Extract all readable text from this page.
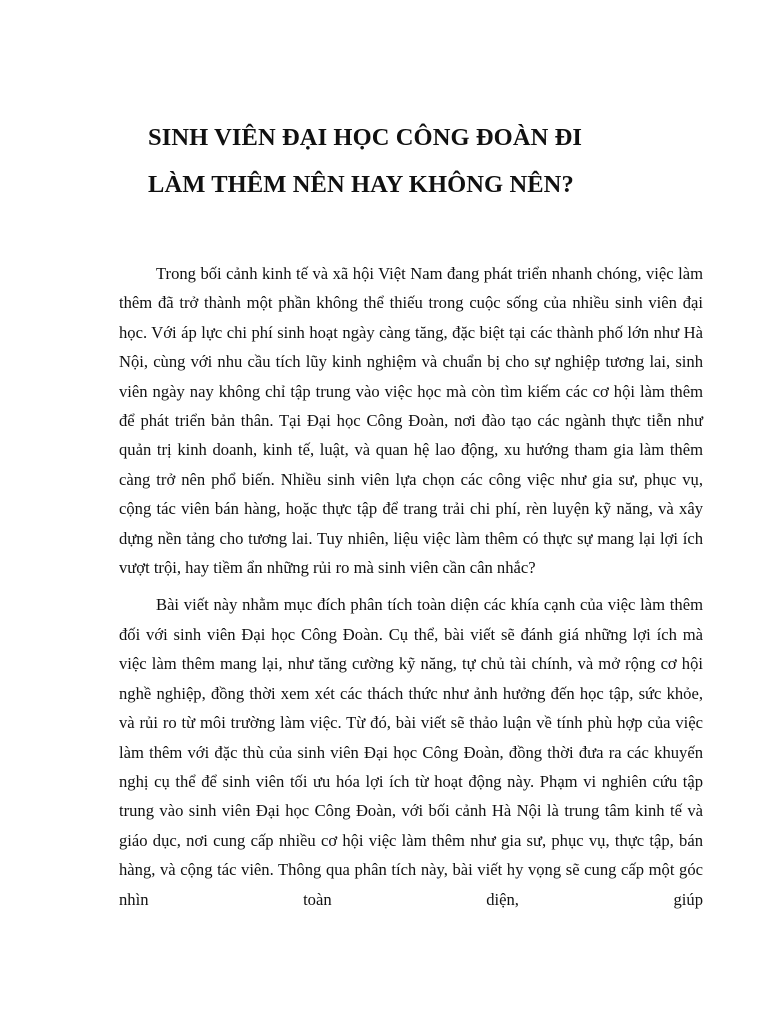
SINH VIÊN ĐẠI HỌC CÔNG ĐOÀN ĐI
LÀM THÊM NÊN HAY KHÔNG NÊN?

Trong bối cảnh kinh tế và xã hội Việt Nam đang phát triển nhanh chóng, việc làm thêm đã trở thành một phần không thể thiếu trong cuộc sống của nhiều sinh viên đại học. Với áp lực chi phí sinh hoạt ngày càng tăng, đặc biệt tại các thành phố lớn như Hà Nội, cùng với nhu cầu tích lũy kinh nghiệm và chuẩn bị cho sự nghiệp tương lai, sinh viên ngày nay không chỉ tập trung vào việc học mà còn tìm kiếm các cơ hội làm thêm để phát triển bản thân. Tại Đại học Công Đoàn, nơi đào tạo các ngành thực tiễn như quản trị kinh doanh, kinh tế, luật, và quan hệ lao động, xu hướng tham gia làm thêm càng trở nên phổ biến. Nhiều sinh viên lựa chọn các công việc như gia sư, phục vụ, cộng tác viên bán hàng, hoặc thực tập để trang trải chi phí, rèn luyện kỹ năng, và xây dựng nền tảng cho tương lai. Tuy nhiên, liệu việc làm thêm có thực sự mang lại lợi ích vượt trội, hay tiềm ẩn những rủi ro mà sinh viên cần cân nhắc?

Bài viết này nhằm mục đích phân tích toàn diện các khía cạnh của việc làm thêm đối với sinh viên Đại học Công Đoàn. Cụ thể, bài viết sẽ đánh giá những lợi ích mà việc làm thêm mang lại, như tăng cường kỹ năng, tự chủ tài chính, và mở rộng cơ hội nghề nghiệp, đồng thời xem xét các thách thức như ảnh hưởng đến học tập, sức khỏe, và rủi ro từ môi trường làm việc. Từ đó, bài viết sẽ thảo luận về tính phù hợp của việc làm thêm với đặc thù của sinh viên Đại học Công Đoàn, đồng thời đưa ra các khuyến nghị cụ thể để sinh viên tối ưu hóa lợi ích từ hoạt động này. Phạm vi nghiên cứu tập trung vào sinh viên Đại học Công Đoàn, với bối cảnh Hà Nội là trung tâm kinh tế và giáo dục, nơi cung cấp nhiều cơ hội việc làm thêm như gia sư, phục vụ, thực tập, bán hàng, và cộng tác viên. Thông qua phân tích này, bài viết hy vọng sẽ cung cấp một góc nhìn toàn diện, giúp
